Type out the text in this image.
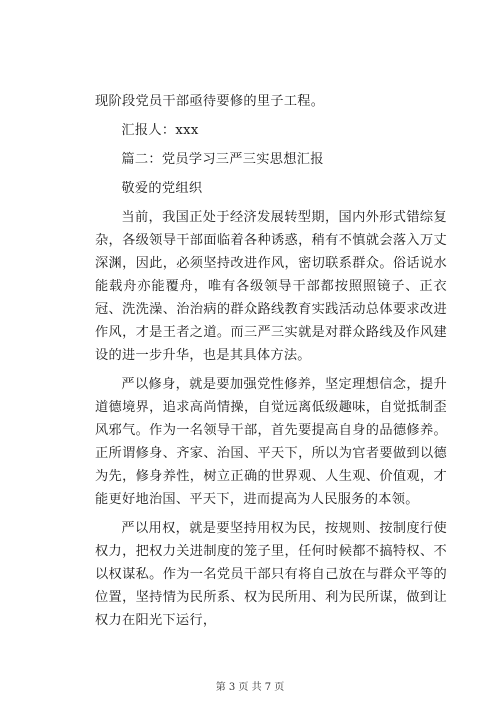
现阶段党员干部亟待要修的里子工程。

汇报人：xxx

篇二：党员学习三严三实思想汇报

敬爱的党组织

当前，我国正处于经济发展转型期，国内外形式错综复杂，各级领导干部面临着各种诱惑，稍有不慎就会落入万丈深渊，因此，必须坚持改进作风，密切联系群众。俗话说水能载舟亦能覆舟，唯有各级领导干部都按照照镜子、正衣冠、洗洗澡、治治病的群众路线教育实践活动总体要求改进作风，才是王者之道。而三严三实就是对群众路线及作风建设的进一步升华，也是其具体方法。

严以修身，就是要加强党性修养，坚定理想信念，提升道德境界，追求高尚情操，自觉远离低级趣味，自觉抵制歪风邪气。作为一名领导干部，首先要提高自身的品德修养。正所谓修身、齐家、治国、平天下，所以为官者要做到以德为先，修身养性，树立正确的世界观、人生观、价值观，才能更好地治国、平天下，进而提高为人民服务的本领。

严以用权，就是要坚持用权为民，按规则、按制度行使权力，把权力关进制度的笼子里，任何时候都不搞特权、不以权谋私。作为一名党员干部只有将自己放在与群众平等的位置，坚持情为民所系、权为民所用、利为民所谋，做到让权力在阳光下运行，

第 3 页 共 7 页
